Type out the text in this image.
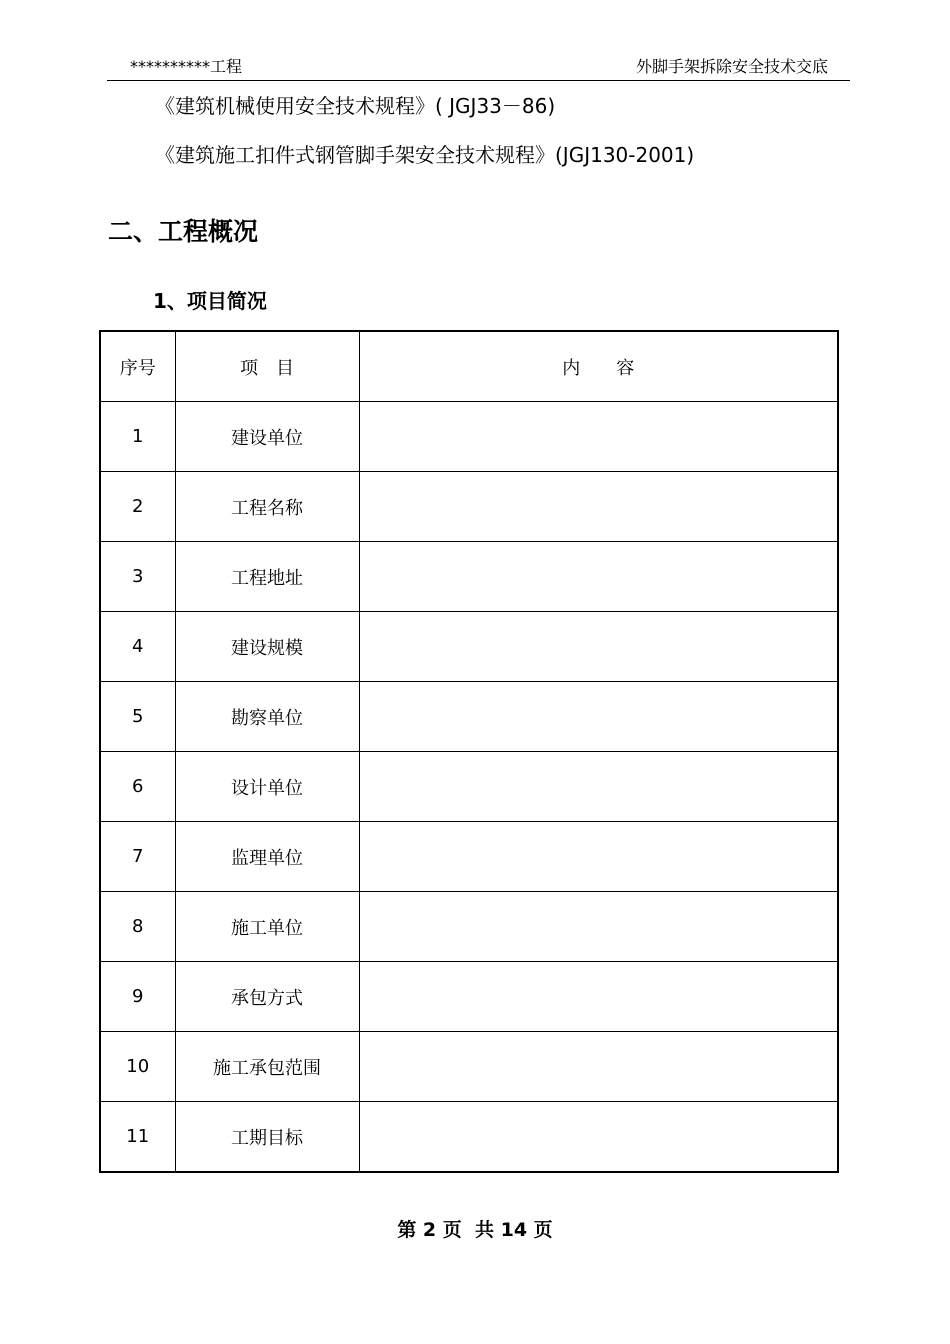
**********工程	外脚手架拆除安全技术交底
《建筑机械使用安全技术规程》( JGJ33－86)
《建筑施工扣件式钢管脚手架安全技术规程》(JGJ130-2001)
二、工程概况
1、项目简况
序号	项　目	内　　容
1	建设单位	
2	工程名称	
3	工程地址	
4	建设规模	
5	勘察单位	
6	设计单位	
7	监理单位	
8	施工单位	
9	承包方式	
10	施工承包范围	
11	工期目标	
第 2 页  共 14 页
